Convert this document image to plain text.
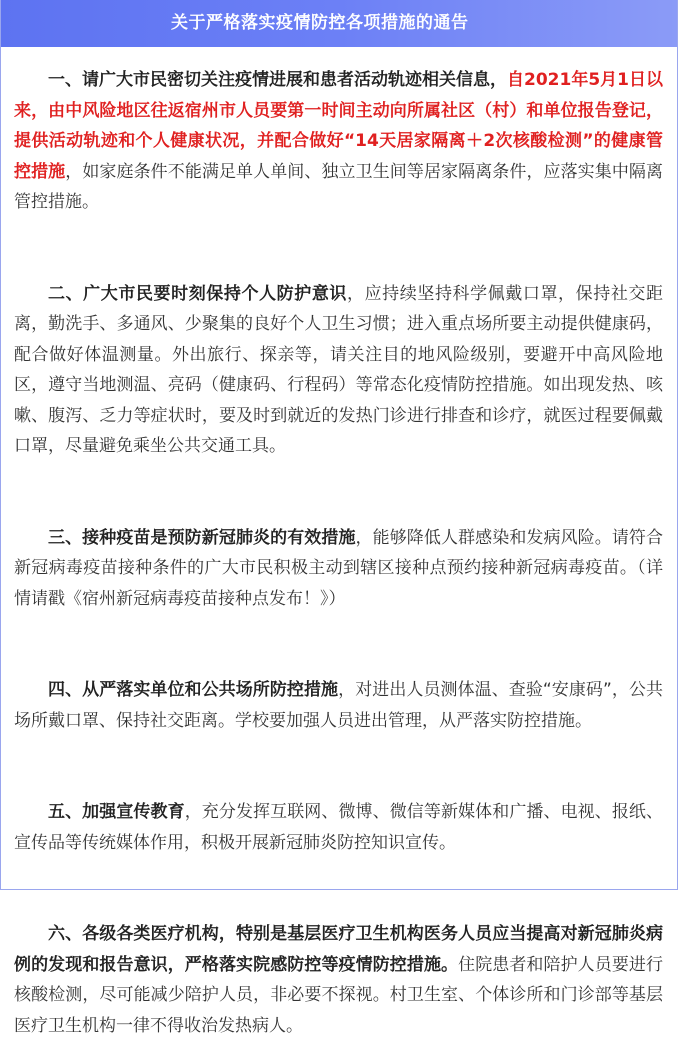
关于严格落实疫情防控各项措施的通告

一、请广大市民密切关注疫情进展和患者活动轨迹相关信息，自2021年5月1日以来，由中风险地区往返宿州市人员要第一时间主动向所属社区（村）和单位报告登记，提供活动轨迹和个人健康状况，并配合做好“14天居家隔离＋2次核酸检测”的健康管控措施，如家庭条件不能满足单人单间、独立卫生间等居家隔离条件，应落实集中隔离管控措施。

二、广大市民要时刻保持个人防护意识，应持续坚持科学佩戴口罩，保持社交距离，勤洗手、多通风、少聚集的良好个人卫生习惯；进入重点场所要主动提供健康码，配合做好体温测量。外出旅行、探亲等，请关注目的地风险级别，要避开中高风险地区，遵守当地测温、亮码（健康码、行程码）等常态化疫情防控措施。如出现发热、咳嗽、腹泻、乏力等症状时，要及时到就近的发热门诊进行排查和诊疗，就医过程要佩戴口罩，尽量避免乘坐公共交通工具。

三、接种疫苗是预防新冠肺炎的有效措施，能够降低人群感染和发病风险。请符合新冠病毒疫苗接种条件的广大市民积极主动到辖区接种点预约接种新冠病毒疫苗。（详情请戳《宿州新冠病毒疫苗接种点发布！》）

四、从严落实单位和公共场所防控措施，对进出人员测体温、查验“安康码”，公共场所戴口罩、保持社交距离。学校要加强人员进出管理，从严落实防控措施。

五、加强宣传教育，充分发挥互联网、微博、微信等新媒体和广播、电视、报纸、宣传品等传统媒体作用，积极开展新冠肺炎防控知识宣传。

六、各级各类医疗机构，特别是基层医疗卫生机构医务人员应当提高对新冠肺炎病例的发现和报告意识，严格落实院感防控等疫情防控措施。住院患者和陪护人员要进行核酸检测，尽可能减少陪护人员，非必要不探视。村卫生室、个体诊所和门诊部等基层医疗卫生机构一律不得收治发热病人。
